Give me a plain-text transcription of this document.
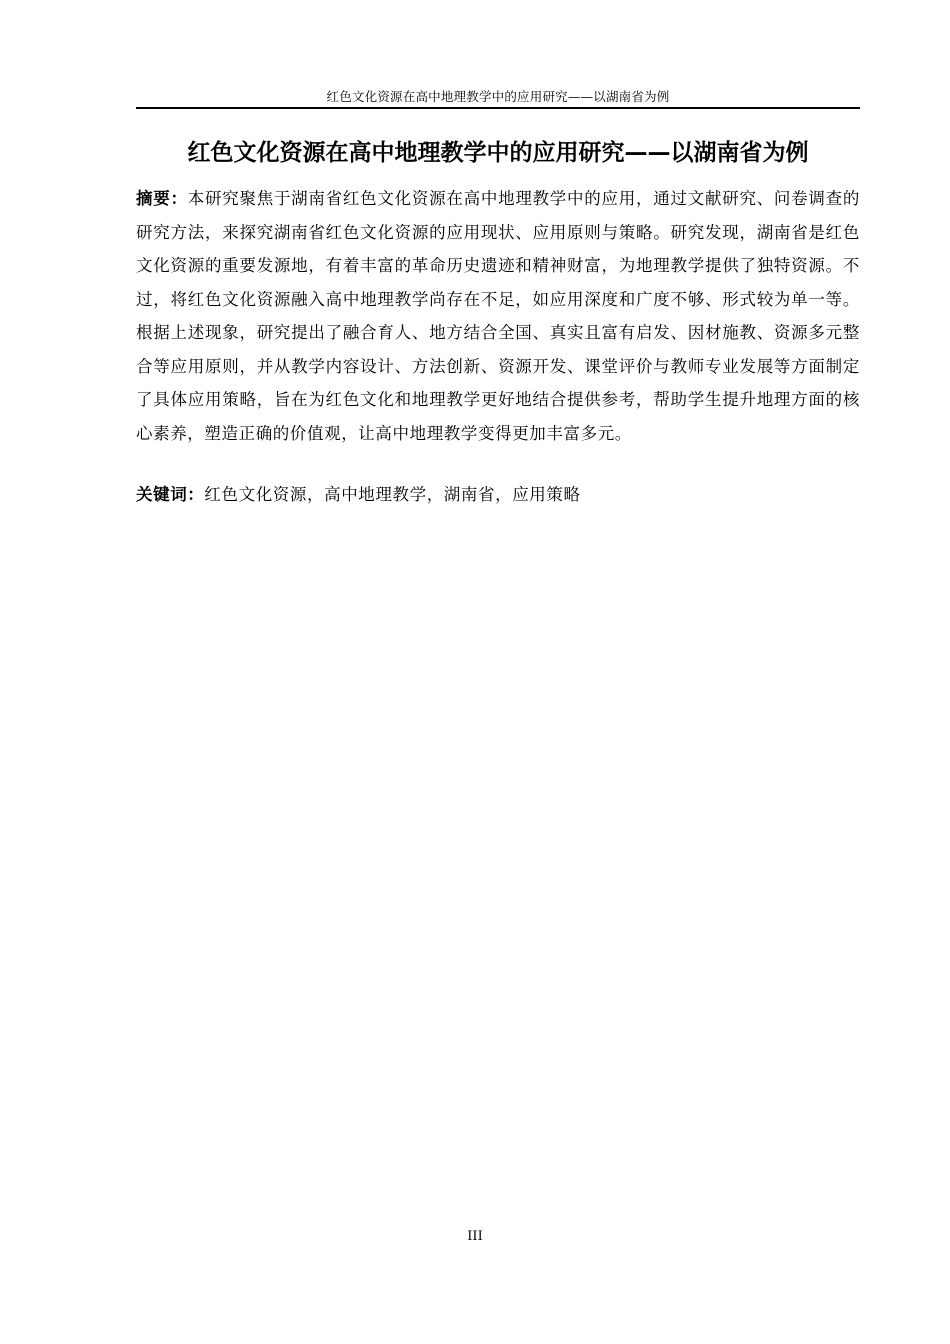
红色文化资源在高中地理教学中的应用研究——以湖南省为例
红色文化资源在高中地理教学中的应用研究——以湖南省为例

摘要：本研究聚焦于湖南省红色文化资源在高中地理教学中的应用，通过文献研究、问卷调查的研究方法，来探究湖南省红色文化资源的应用现状、应用原则与策略。研究发现，湖南省是红色文化资源的重要发源地，有着丰富的革命历史遗迹和精神财富，为地理教学提供了独特资源。不过，将红色文化资源融入高中地理教学尚存在不足，如应用深度和广度不够、形式较为单一等。根据上述现象，研究提出了融合育人、地方结合全国、真实且富有启发、因材施教、资源多元整合等应用原则，并从教学内容设计、方法创新、资源开发、课堂评价与教师专业发展等方面制定了具体应用策略，旨在为红色文化和地理教学更好地结合提供参考，帮助学生提升地理方面的核心素养，塑造正确的价值观，让高中地理教学变得更加丰富多元。

关键词：红色文化资源，高中地理教学，湖南省，应用策略

III
